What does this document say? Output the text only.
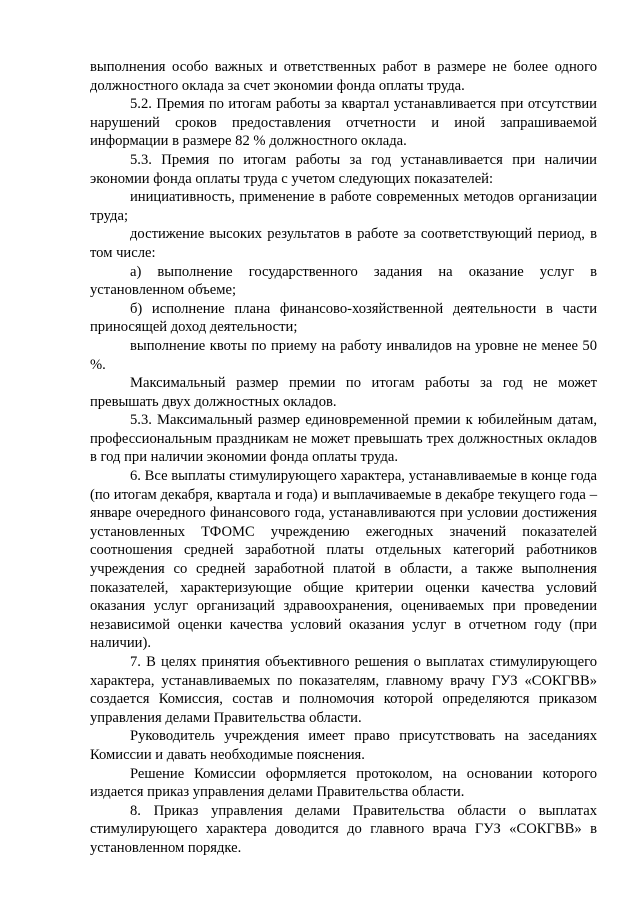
выполнения особо важных и ответственных работ в размере не более одного должностного оклада за счет экономии фонда оплаты труда.

5.2. Премия по итогам работы за квартал устанавливается при отсутствии нарушений сроков предоставления отчетности и иной запрашиваемой информации в размере 82 % должностного оклада.

5.3. Премия по итогам работы за год устанавливается при наличии экономии фонда оплаты труда с учетом следующих показателей:

инициативность, применение в работе современных методов организации труда;

достижение высоких результатов в работе за соответствующий период, в том числе:

а) выполнение государственного задания на оказание услуг в установленном объеме;

б) исполнение плана финансово-хозяйственной деятельности в части приносящей доход деятельности;

выполнение квоты по приему на работу инвалидов на уровне не менее 50 %.

Максимальный размер премии по итогам работы за год не может превышать двух должностных окладов.

5.3. Максимальный размер единовременной премии к юбилейным датам, профессиональным праздникам не может превышать трех должностных окладов в год при наличии экономии фонда оплаты труда.

6. Все выплаты стимулирующего характера, устанавливаемые в конце года (по итогам декабря, квартала и года) и выплачиваемые в декабре текущего года – январе очередного финансового года, устанавливаются при условии достижения установленных ТФОМС учреждению ежегодных значений показателей соотношения средней заработной платы отдельных категорий работников учреждения со средней заработной платой в области, а также выполнения показателей, характеризующие общие критерии оценки качества условий оказания услуг организаций здравоохранения, оцениваемых при проведении независимой оценки качества условий оказания услуг в отчетном году (при наличии).

7. В целях принятия объективного решения о выплатах стимулирующего характера, устанавливаемых по показателям, главному врачу ГУЗ «СОКГВВ» создается Комиссия, состав и полномочия которой определяются приказом управления делами Правительства области.

Руководитель учреждения имеет право присутствовать на заседаниях Комиссии и давать необходимые пояснения.

Решение Комиссии оформляется протоколом, на основании которого издается приказ управления делами Правительства области.

8. Приказ управления делами Правительства области о выплатах стимулирующего характера доводится до главного врача ГУЗ «СОКГВВ» в установленном порядке.
